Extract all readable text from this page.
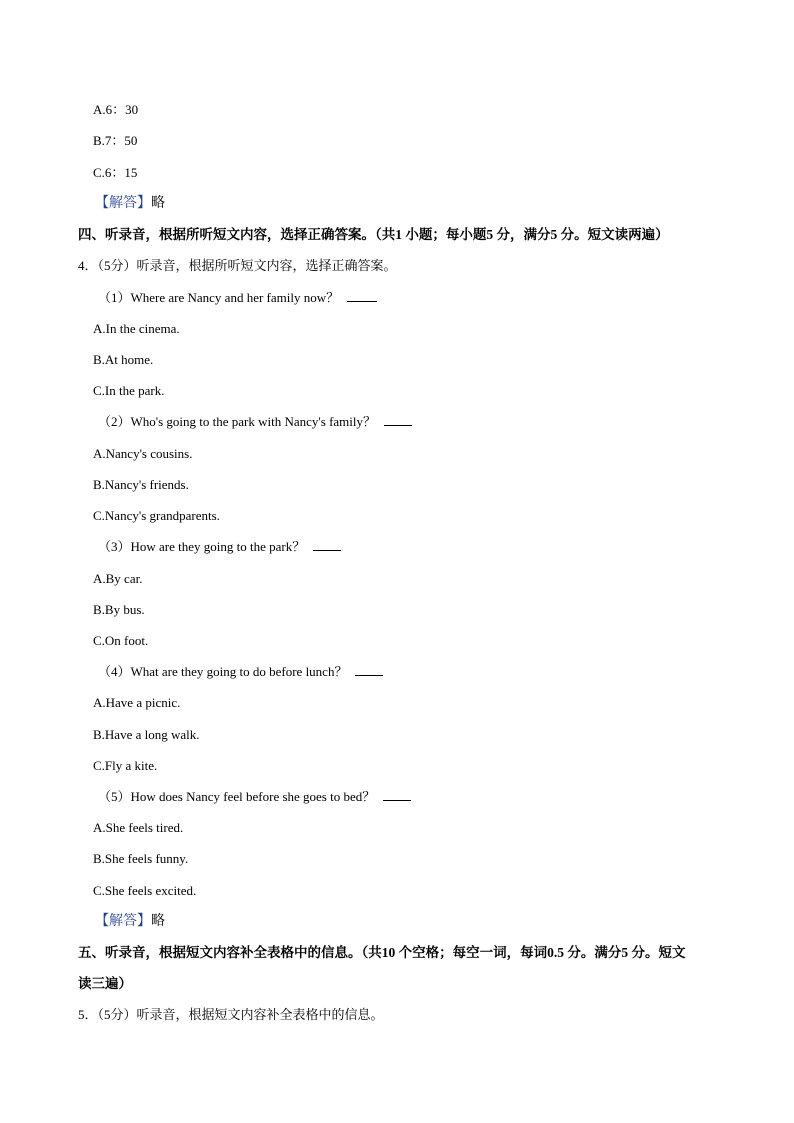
A.6：30
B.7：50
C.6：15
【解答】略
四、听录音，根据所听短文内容，选择正确答案。（共1 小题；每小题5 分，满分5 分。短文读两遍）
4．（5分）听录音，根据所听短文内容，选择正确答案。
（1）Where are Nancy and her family now？
A.In the cinema.
B.At home.
C.In the park.
（2）Who's going to the park with Nancy's family？
A.Nancy's cousins.
B.Nancy's friends.
C.Nancy's grandparents.
（3）How are they going to the park？
A.By car.
B.By bus.
C.On foot.
（4）What are they going to do before lunch？
A.Have a picnic.
B.Have a long walk.
C.Fly a kite.
（5）How does Nancy feel before she goes to bed？
A.She feels tired.
B.She feels funny.
C.She feels excited.
【解答】略
五、听录音，根据短文内容补全表格中的信息。（共10 个空格；每空一词，每词0.5 分。满分5 分。短文
读三遍）
5．（5分）听录音，根据短文内容补全表格中的信息。
